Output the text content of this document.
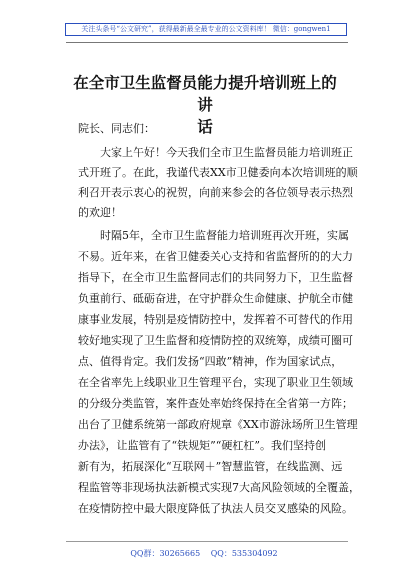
关注头条号“公文研究”，获得最新最全最专业的公文资料库！ 微信：gongwen1
在全市卫生监督员能力提升培训班上的讲
话
院长、同志们：
大家上午好！今天我们全市卫生监督员能力培训班正
式开班了。在此，我谨代表XX市卫健委向本次培训班的顺
利召开表示衷心的祝贺，向前来参会的各位领导表示热烈
的欢迎！
时隔5年，全市卫生监督能力培训班再次开班，实属
不易。近年来，在省卫健委关心支持和省监督所的的大力
指导下，在全市卫生监督同志们的共同努力下，卫生监督
负重前行、砥砺奋进，在守护群众生命健康、护航全市健
康事业发展，特别是疫情防控中，发挥着不可替代的作用
较好地实现了卫生监督和疫情防控的双统筹，成绩可圈可
点、值得肯定。我们发扬“四敢”精神，作为国家试点，
在全省率先上线职业卫生管理平台，实现了职业卫生领域
的分级分类监管，案件查处率始终保持在全省第一方阵；
出台了卫健系统第一部政府规章《XX市游泳场所卫生管理
办法》，让监管有了“铁规矩”“硬杠杠”。我们坚持创
新有为，拓展深化“互联网＋”智慧监管，在线监测、远
程监管等非现场执法新模式实现7大高风险领域的全覆盖，
在疫情防控中最大限度降低了执法人员交叉感染的风险。
QQ群：30265665 QQ：535304092
